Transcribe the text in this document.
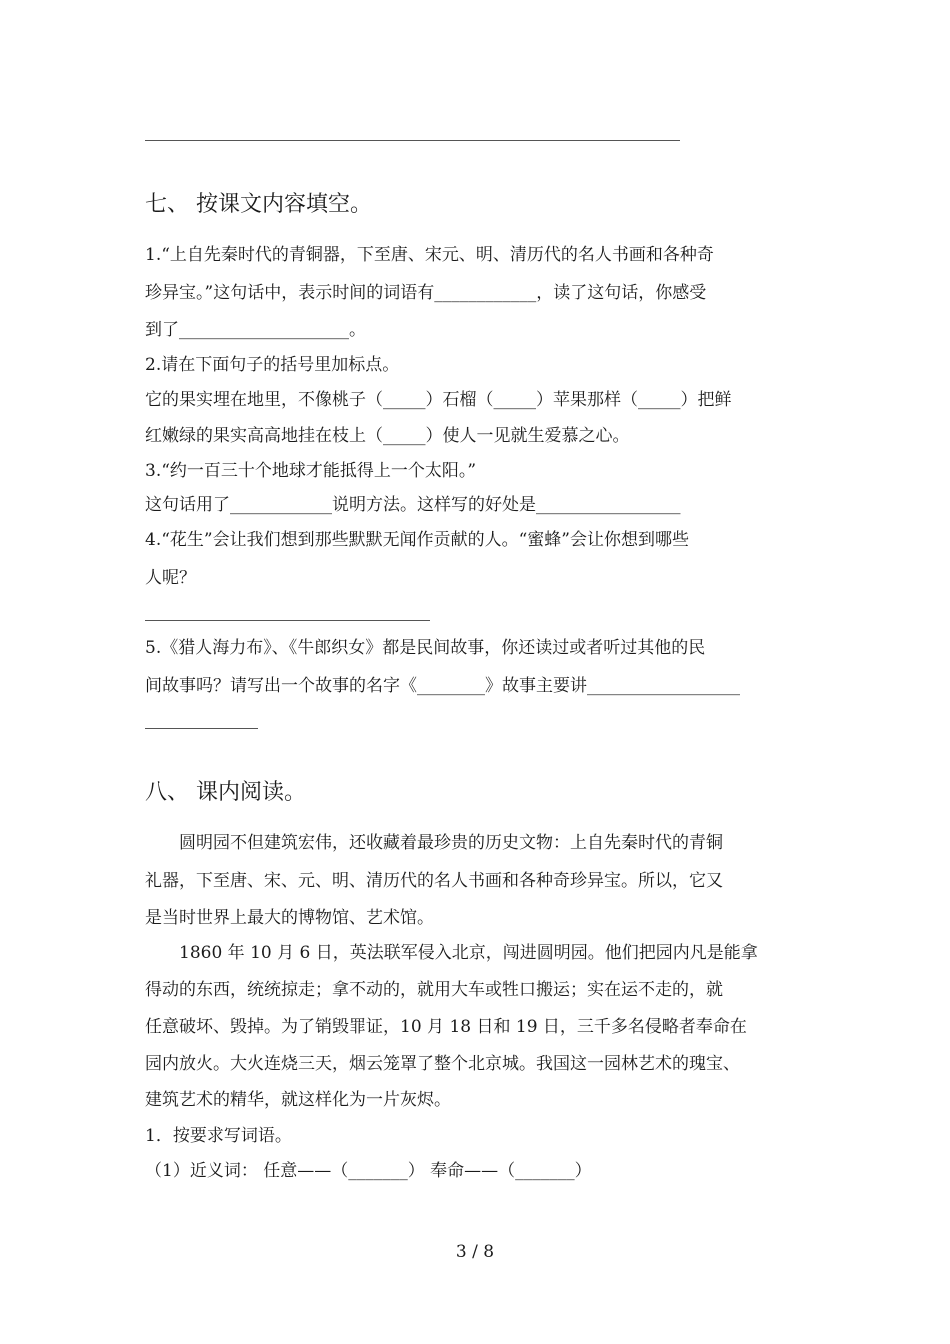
七、 按课文内容填空。
1.“上自先秦时代的青铜器，下至唐、宋元、明、清历代的名人书画和各种奇
珍异宝。”这句话中，表示时间的词语有____________，读了这句话，你感受
到了____________________。
2.请在下面句子的括号里加标点。
它的果实埋在地里，不像桃子（_____）石榴（_____）苹果那样（_____）把鲜
红嫩绿的果实高高地挂在枝上（_____）使人一见就生爱慕之心。
3.“约一百三十个地球才能抵得上一个太阳。”
这句话用了____________说明方法。这样写的好处是_________________
4.“花生”会让我们想到那些默默无闻作贡献的人。“蜜蜂”会让你想到哪些
人呢？
5.《猎人海力布》、《牛郎织女》都是民间故事，你还读过或者听过其他的民
间故事吗？请写出一个故事的名字《________》故事主要讲__________________
八、 课内阅读。
圆明园不但建筑宏伟，还收藏着最珍贵的历史文物：上自先秦时代的青铜
礼器，下至唐、宋、元、明、清历代的名人书画和各种奇珍异宝。所以，它又
是当时世界上最大的博物馆、艺术馆。
1860 年 10 月 6 日，英法联军侵入北京，闯进圆明园。他们把园内凡是能拿
得动的东西，统统掠走；拿不动的，就用大车或牲口搬运；实在运不走的，就
任意破坏、毁掉。为了销毁罪证，10 月 18 日和 19 日，三千多名侵略者奉命在
园内放火。大火连烧三天，烟云笼罩了整个北京城。我国这一园林艺术的瑰宝、
建筑艺术的精华，就这样化为一片灰烬。
1．按要求写词语。
（1）近义词： 任意——（_______） 奉命——（_______）
3 / 8
